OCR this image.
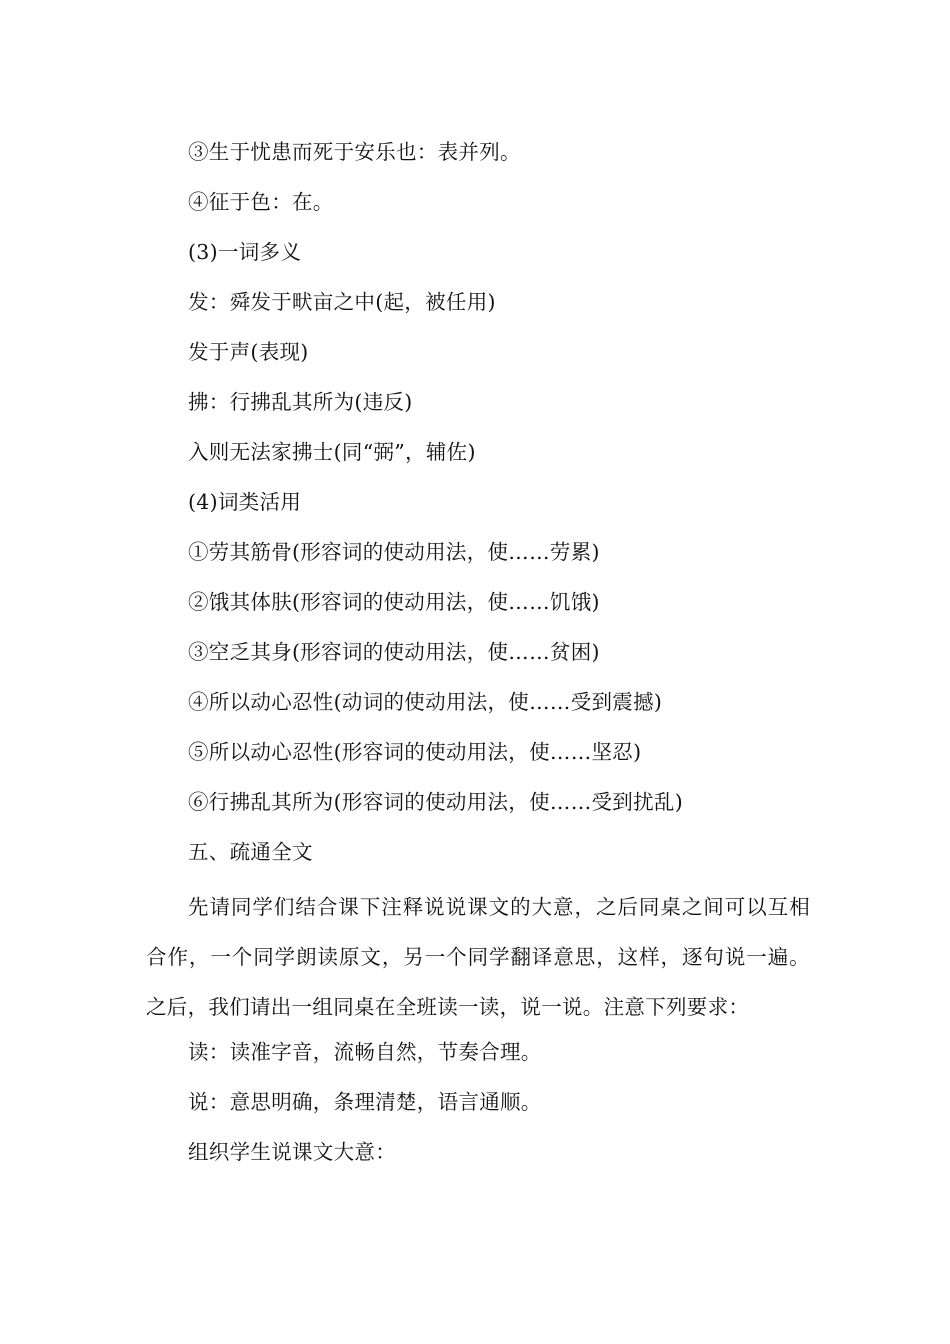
③生于忧患而死于安乐也：表并列。
④征于色：在。
(3)一词多义
发：舜发于畎亩之中(起，被任用)
发于声(表现)
拂：行拂乱其所为(违反)
入则无法家拂士(同“弼”，辅佐)
(4)词类活用
①劳其筋骨(形容词的使动用法，使……劳累)
②饿其体肤(形容词的使动用法，使……饥饿)
③空乏其身(形容词的使动用法，使……贫困)
④所以动心忍性(动词的使动用法，使……受到震撼)
⑤所以动心忍性(形容词的使动用法，使……坚忍)
⑥行拂乱其所为(形容词的使动用法，使……受到扰乱)
五、疏通全文
先请同学们结合课下注释说说课文的大意，之后同桌之间可以互相合作，一个同学朗读原文，另一个同学翻译意思，这样，逐句说一遍。之后，我们请出一组同桌在全班读一读，说一说。注意下列要求：
读：读准字音，流畅自然，节奏合理。
说：意思明确，条理清楚，语言通顺。
组织学生说课文大意：
